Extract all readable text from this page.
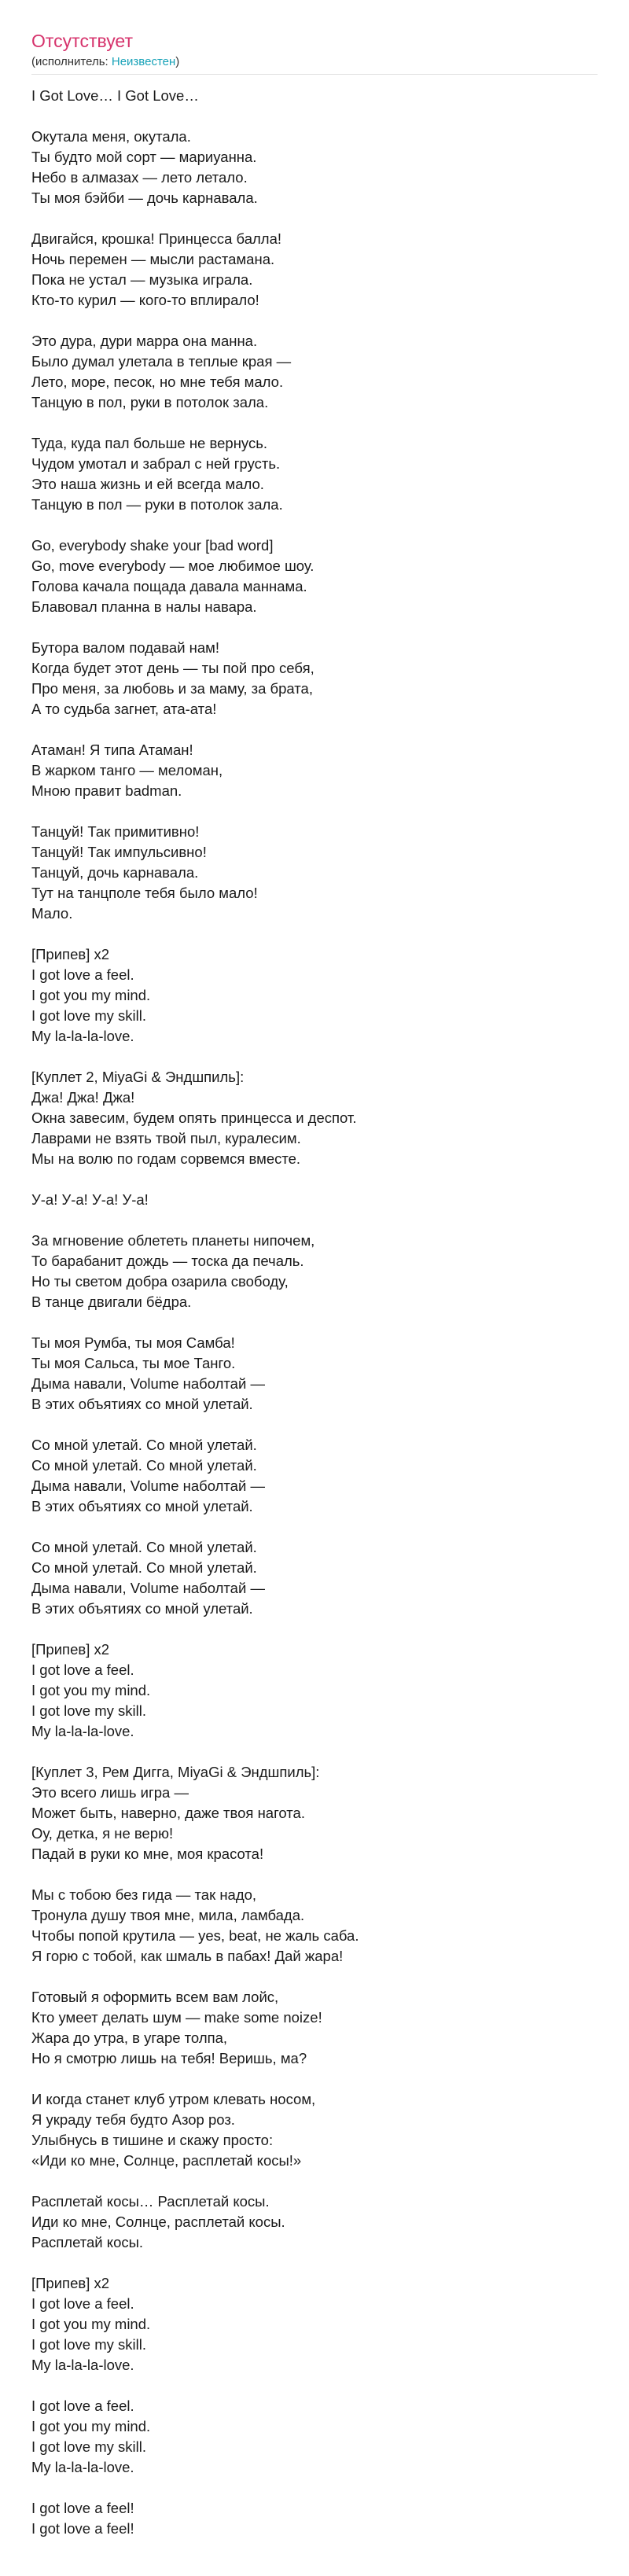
Отсутствует
(исполнитель: Неизвестен)
I Got Love… I Got Love…
Окутала меня, окутала.
Ты будто мой сорт — мариуанна.
Небо в алмазах — лето летало.
Ты моя бэйби — дочь карнавала.
Двигайся, крошка! Принцесса балла!
Ночь перемен — мысли растамана.
Пока не устал — музыка играла.
Кто-то курил — кого-то вплирало!
Это дура, дури марра она манна.
Было думал улетала в теплые края —
Лето, море, песок, но мне тебя мало.
Танцую в пол, руки в потолок зала.
Туда, куда пал больше не вернусь.
Чудом умотал и забрал с ней грусть.
Это наша жизнь и ей всегда мало.
Танцую в пол — руки в потолок зала.
Go, everybody shake your [bad word]
Go, move everybody — мое любимое шоу.
Голова качала пощада давала маннама.
Блавовал планна в налы навара.
Бутора валом подавай нам!
Когда будет этот день — ты пой про себя,
Про меня, за любовь и за маму, за брата,
А то судьба загнет, ата-ата!
Атаман! Я типа Атаман!
В жарком танго — меломан,
Мною правит badman.
Танцуй! Так примитивно!
Танцуй! Так импульсивно!
Танцуй, дочь карнавала.
Тут на танцполе тебя было мало!
Мало.
[Припев] x2
I got love a feel.
I got you my mind.
I got love my skill.
My la-la-la-love.
[Куплет 2, MiyaGi & Эндшпиль]:
Джа! Джа! Джа!
Окна завесим, будем опять принцесса и деспот.
Лаврами не взять твой пыл, куралесим.
Мы на волю по годам сорвемся вместе.
У-а! У-а! У-а! У-а!
За мгновение облететь планеты нипочем,
То барабанит дождь — тоска да печаль.
Но ты светом добра озарила свободу,
В танце двигали бёдра.
Ты моя Румба, ты моя Самба!
Ты моя Сальса, ты мое Танго.
Дыма навали, Volume наболтай —
В этих объятиях со мной улетай.
Со мной улетай. Со мной улетай.
Со мной улетай. Со мной улетай.
Дыма навали, Volume наболтай —
В этих объятиях со мной улетай.
Со мной улетай. Со мной улетай.
Со мной улетай. Со мной улетай.
Дыма навали, Volume наболтай —
В этих объятиях со мной улетай.
[Припев] x2
I got love a feel.
I got you my mind.
I got love my skill.
My la-la-la-love.
[Куплет 3, Рем Дигга, MiyaGi & Эндшпиль]:
Это всего лишь игра —
Может быть, наверно, даже твоя нагота.
Оу, детка, я не верю!
Падай в руки ко мне, моя красота!
Мы с тобою без гида — так надо,
Тронула душу твоя мне, мила, ламбада.
Чтобы попой крутила — yes, beat, не жаль саба.
Я горю с тобой, как шмаль в пабах! Дай жара!
Готовый я оформить всем вам лойс,
Кто умеет делать шум — make some noize!
Жара до утра, в угаре толпа,
Но я смотрю лишь на тебя! Веришь, ма?
И когда станет клуб утром клевать носом,
Я украду тебя будто Азор роз.
Улыбнусь в тишине и скажу просто:
«Иди ко мне, Солнце, расплетай косы!»
Расплетай косы… Расплетай косы.
Иди ко мне, Солнце, расплетай косы.
Расплетай косы.
[Припев] x2
I got love a feel.
I got you my mind.
I got love my skill.
My la-la-la-love.
I got love a feel.
I got you my mind.
I got love my skill.
My la-la-la-love.
I got love a feel!
I got love a feel!
